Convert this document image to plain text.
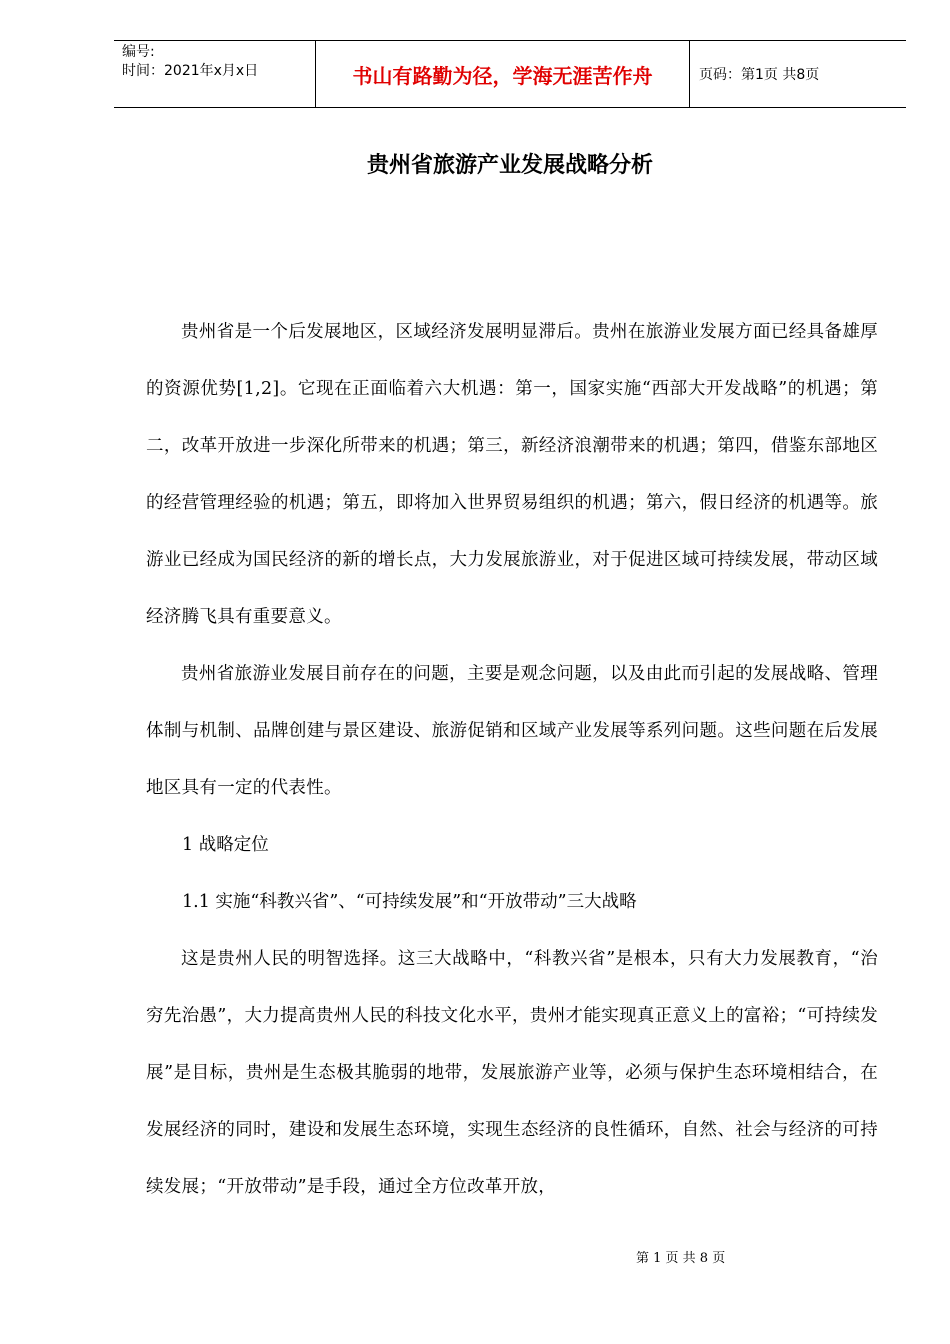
编号:
时间：2021年x月x日	书山有路勤为径，学海无涯苦作舟	页码：第1页 共8页
贵州省旅游产业发展战略分析

贵州省是一个后发展地区，区域经济发展明显滞后。贵州在旅游业发展方面已经具备雄厚的资源优势[1,2]。它现在正面临着六大机遇：第一，国家实施“西部大开发战略”的机遇；第二，改革开放进一步深化所带来的机遇；第三，新经济浪潮带来的机遇；第四，借鉴东部地区的经营管理经验的机遇；第五，即将加入世界贸易组织的机遇；第六，假日经济的机遇等。旅游业已经成为国民经济的新的增长点，大力发展旅游业，对于促进区域可持续发展，带动区域经济腾飞具有重要意义。

贵州省旅游业发展目前存在的问题，主要是观念问题，以及由此而引起的发展战略、管理体制与机制、品牌创建与景区建设、旅游促销和区域产业发展等系列问题。这些问题在后发展地区具有一定的代表性。

1 战略定位

1.1 实施“科教兴省”、“可持续发展”和“开放带动”三大战略

这是贵州人民的明智选择。这三大战略中，“科教兴省”是根本，只有大力发展教育，“治穷先治愚”，大力提高贵州人民的科技文化水平，贵州才能实现真正意义上的富裕；“可持续发展”是目标，贵州是生态极其脆弱的地带，发展旅游产业等，必须与保护生态环境相结合，在发展经济的同时，建设和发展生态环境，实现生态经济的良性循环，自然、社会与经济的可持续发展；“开放带动”是手段，通过全方位改革开放，

第 1 页 共 8 页
